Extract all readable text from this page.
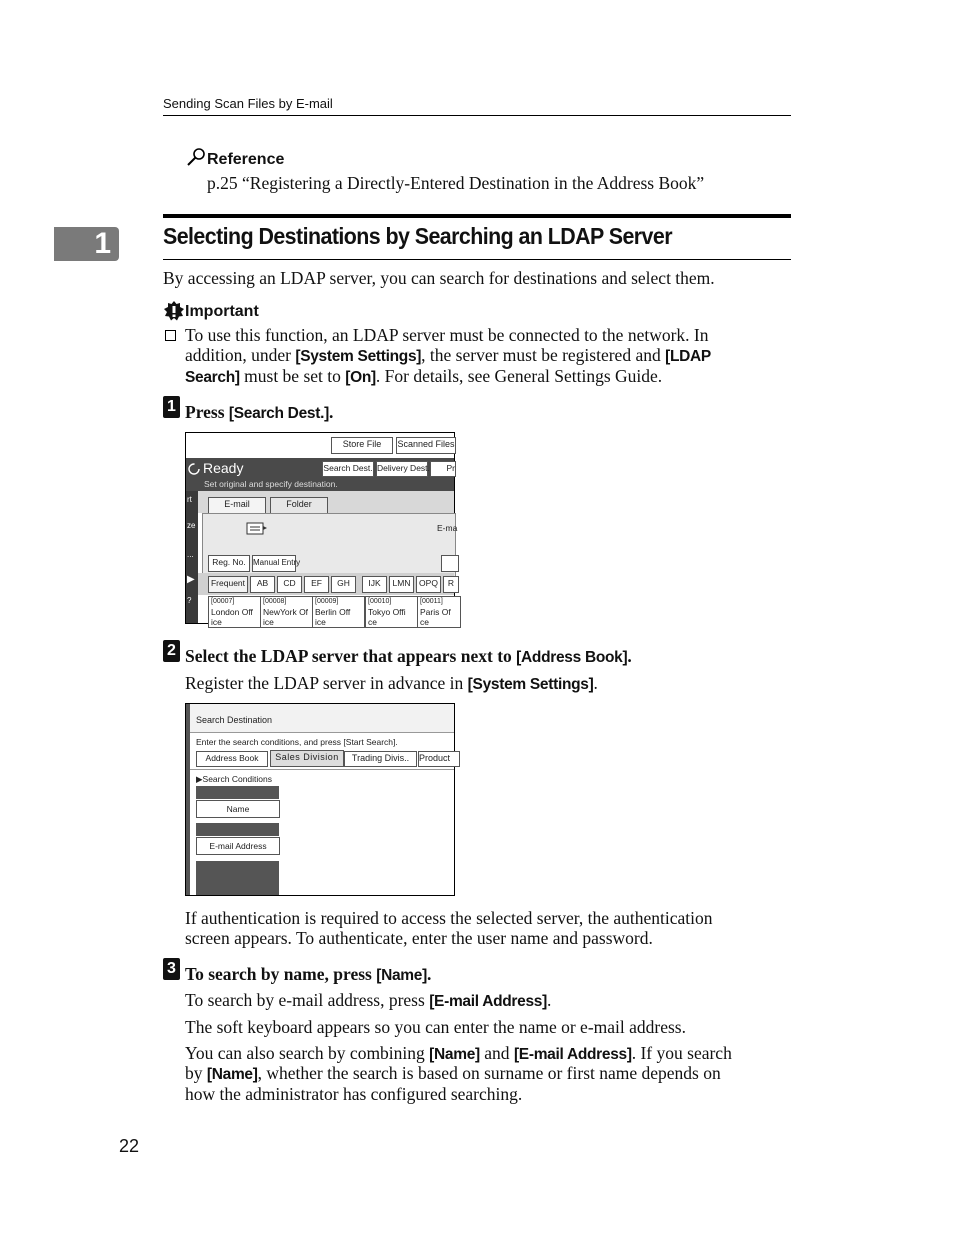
Sending Scan Files by E-mail
Reference
p.25 “Registering a Directly-Entered Destination in the Address Book”
1	Selecting Destinations by Searching an LDAP Server
By accessing an LDAP server, you can search for destinations and select them.
Important
To use this function, an LDAP server must be connected to the network. In
addition, under [System Settings], the server must be registered and [LDAP
Search] must be set to [On]. For details, see General Settings Guide.
1 Press [Search Dest.].
rt
ze
...
▶
?
Store File	Scanned Files
Ready	Search Dest. Delivery Dest.	Pr
Set original and specify destination.
E-mail	Folder
E-ma
Reg. No. Manual Entry
Frequent	AB	CD	EF	GH	IJK	LMN	OPQ	R
[00007]
London Off
ice
[00008]
NewYork Of
ice
[00009]
Berlin Off
ice
[00010]
Tokyo Offi
ce
[00011]
Paris Of
ce
2 Select the LDAP server that appears next to [Address Book].
Register the LDAP server in advance in [System Settings].
Search Destination
Enter the search conditions, and press [Start Search].
Address Book	Sales Division	Trading Divis..	Product
▶Search Conditions
Name
E-mail Address
If authentication is required to access the selected server, the authentication
screen appears. To authenticate, enter the user name and password.
3 To search by name, press [Name].
To search by e-mail address, press [E-mail Address].
The soft keyboard appears so you can enter the name or e-mail address.
You can also search by combining [Name] and [E-mail Address]. If you search
by [Name], whether the search is based on surname or first name depends on
how the administrator has configured searching.
22
